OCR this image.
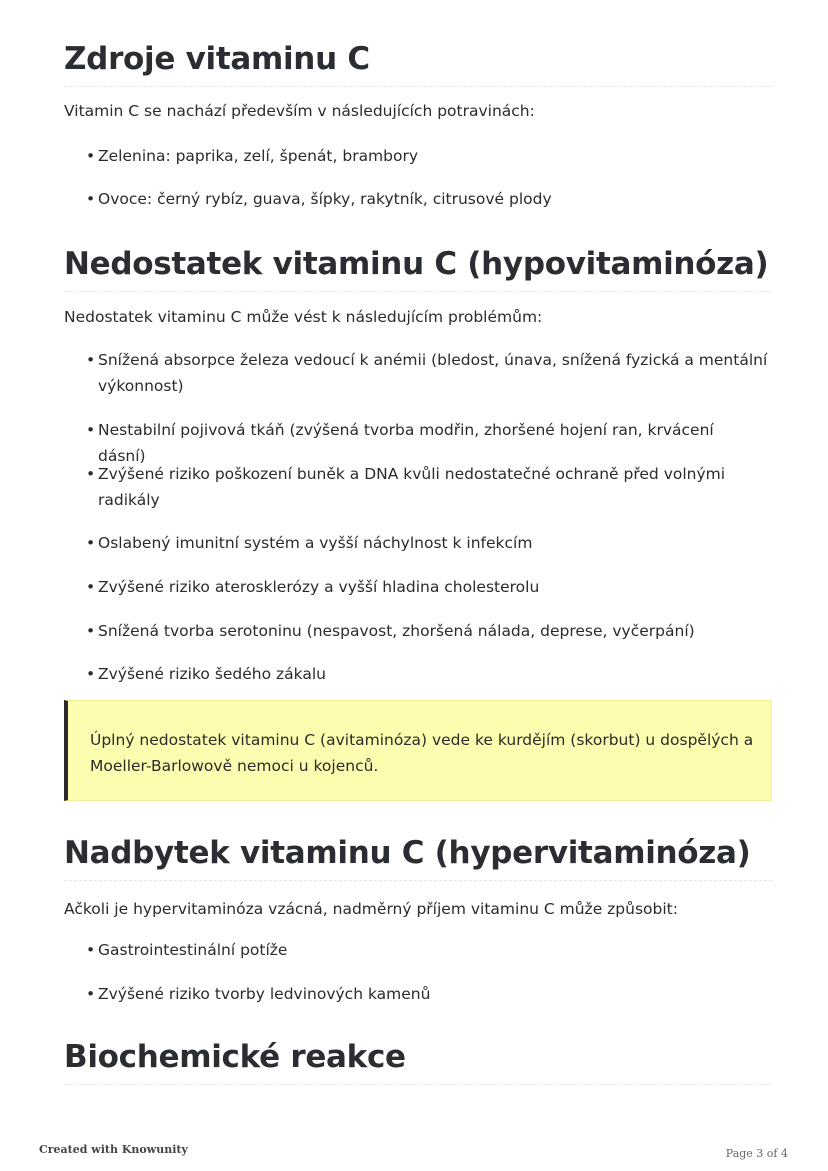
Zdroje vitaminu C

Vitamin C se nachází především v následujících potravinách:

• Zelenina: paprika, zelí, špenát, brambory
• Ovoce: černý rybíz, guava, šípky, rakytník, citrusové plody
Nedostatek vitaminu C (hypovitaminóza)

Nedostatek vitaminu C může vést k následujícím problémům:

• Snížená absorpce železa vedoucí k anémii (bledost, únava, snížená fyzická a mentální výkonnost)
• Nestabilní pojivová tkáň (zvýšená tvorba modřin, zhoršené hojení ran, krvácení dásní)
• Zvýšené riziko poškození buněk a DNA kvůli nedostatečné ochraně před volnými radikály
• Oslabený imunitní systém a vyšší náchylnost k infekcím
• Zvýšené riziko aterosklerózy a vyšší hladina cholesterolu
• Snížená tvorba serotoninu (nespavost, zhoršená nálada, deprese, vyčerpání)
• Zvýšené riziko šedého zákalu

Úplný nedostatek vitaminu C (avitaminóza) vede ke kurdějím (skorbut) u dospělých a Moeller-Barlowově nemoci u kojenců.

Nadbytek vitaminu C (hypervitaminóza)

Ačkoli je hypervitaminóza vzácná, nadměrný příjem vitaminu C může způsobit:

• Gastrointestinální potíže
• Zvýšené riziko tvorby ledvinových kamenů
Biochemické reakce
Created with Knowunity	Page 3 of 4
